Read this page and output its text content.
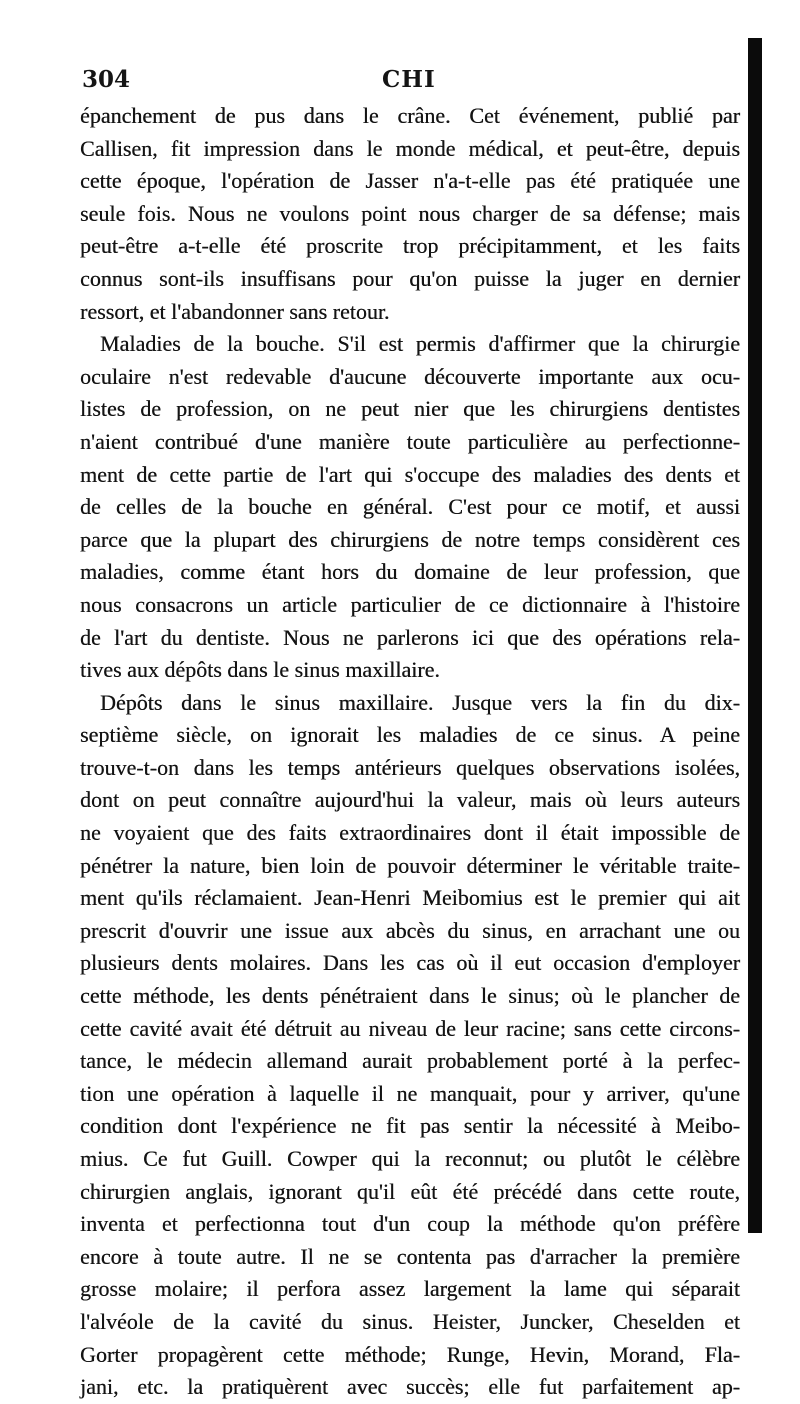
304	CHI
épanchement de pus dans le crâne. Cet événement, publié par
Callisen, fit impression dans le monde médical, et peut-être, depuis
cette époque, l'opération de Jasser n'a-t-elle pas été pratiquée une
seule fois. Nous ne voulons point nous charger de sa défense; mais
peut-être a-t-elle été proscrite trop précipitamment, et les faits
connus sont-ils insuffisans pour qu'on puisse la juger en dernier
ressort, et l'abandonner sans retour.
Maladies de la bouche. S'il est permis d'affirmer que la chirurgie
oculaire n'est redevable d'aucune découverte importante aux ocu-
listes de profession, on ne peut nier que les chirurgiens dentistes
n'aient contribué d'une manière toute particulière au perfectionne-
ment de cette partie de l'art qui s'occupe des maladies des dents et
de celles de la bouche en général. C'est pour ce motif, et aussi
parce que la plupart des chirurgiens de notre temps considèrent ces
maladies, comme étant hors du domaine de leur profession, que
nous consacrons un article particulier de ce dictionnaire à l'histoire
de l'art du dentiste. Nous ne parlerons ici que des opérations rela-
tives aux dépôts dans le sinus maxillaire.
Dépôts dans le sinus maxillaire. Jusque vers la fin du dix-
septième siècle, on ignorait les maladies de ce sinus. A peine
trouve-t-on dans les temps antérieurs quelques observations isolées,
dont on peut connaître aujourd'hui la valeur, mais où leurs auteurs
ne voyaient que des faits extraordinaires dont il était impossible de
pénétrer la nature, bien loin de pouvoir déterminer le véritable traite-
ment qu'ils réclamaient. Jean-Henri Meibomius est le premier qui ait
prescrit d'ouvrir une issue aux abcès du sinus, en arrachant une ou
plusieurs dents molaires. Dans les cas où il eut occasion d'employer
cette méthode, les dents pénétraient dans le sinus; où le plancher de
cette cavité avait été détruit au niveau de leur racine; sans cette circons-
tance, le médecin allemand aurait probablement porté à la perfec-
tion une opération à laquelle il ne manquait, pour y arriver, qu'une
condition dont l'expérience ne fit pas sentir la nécessité à Meibo-
mius. Ce fut Guill. Cowper qui la reconnut; ou plutôt le célèbre
chirurgien anglais, ignorant qu'il eût été précédé dans cette route,
inventa et perfectionna tout d'un coup la méthode qu'on préfère
encore à toute autre. Il ne se contenta pas d'arracher la première
grosse molaire; il perfora assez largement la lame qui séparait
l'alvéole de la cavité du sinus. Heister, Juncker, Cheselden et
Gorter propagèrent cette méthode; Runge, Hevin, Morand, Fla-
jani, etc. la pratiquèrent avec succès; elle fut parfaitement ap-
